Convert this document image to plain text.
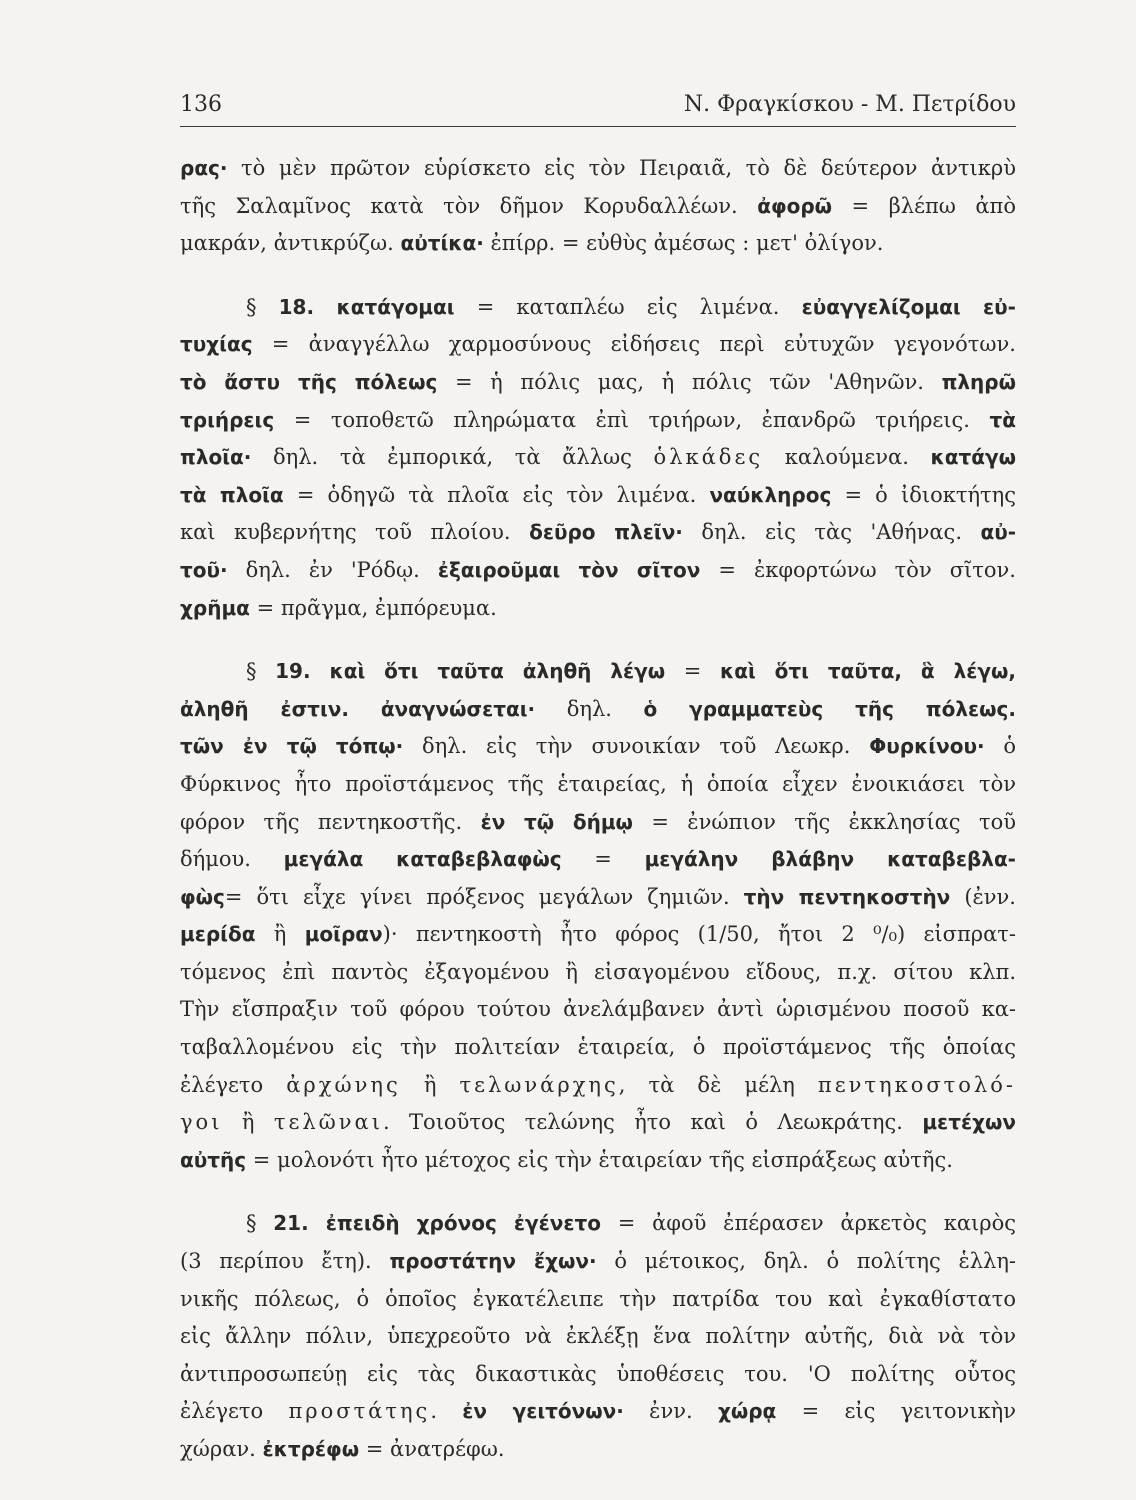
136	Ν. Φραγκίσκου - Μ. Πετρίδου
ρας· τὸ μὲν πρῶτον εὑρίσκετο εἰς τὸν Πειραιᾶ, τὸ δὲ δεύτερον ἀντικρὺ
τῆς Σαλαμῖνος κατὰ τὸν δῆμον Κορυδαλλέων. ἀφορῶ = βλέπω ἀπὸ
μακράν, ἀντικρύζω. αὐτίκα· ἐπίρρ. = εὐθὺς ἀμέσως : μετ' ὀλίγον.
§ 18. κατάγομαι = καταπλέω εἰς λιμένα. εὐαγγελίζομαι εὐ-
τυχίας = ἀναγγέλλω χαρμοσύνους εἰδήσεις περὶ εὐτυχῶν γεγονότων.
τὸ ἄστυ τῆς πόλεως = ἡ πόλις μας, ἡ πόλις τῶν 'Αθηνῶν. πληρῶ
τριήρεις = τοποθετῶ πληρώματα ἐπὶ τριήρων, ἐπανδρῶ τριήρεις. τὰ
πλοῖα· δηλ. τὰ ἐμπορικά, τὰ ἄλλως ὁλκάδες καλούμενα. κατάγω
τὰ πλοῖα = ὁδηγῶ τὰ πλοῖα εἰς τὸν λιμένα. ναύκληρος = ὁ ἰδιοκτήτης
καὶ κυβερνήτης τοῦ πλοίου. δεῦρο πλεῖν· δηλ. εἰς τὰς 'Αθήνας. αὐ-
τοῦ· δηλ. ἐν 'Ρόδῳ. ἐξαιροῦμαι τὸν σῖτον = ἐκφορτώνω τὸν σῖτον.
χρῆμα = πρᾶγμα, ἐμπόρευμα.
§ 19. καὶ ὅτι ταῦτα ἀληθῆ λέγω = καὶ ὅτι ταῦτα, ἃ λέγω,
ἀληθῆ ἐστιν. ἀναγνώσεται· δηλ. ὁ γραμματεὺς τῆς πόλεως.
τῶν ἐν τῷ τόπῳ· δηλ. εἰς τὴν συνοικίαν τοῦ Λεωκρ. Φυρκίνου· ὁ
Φύρκινος ἦτο προϊστάμενος τῆς ἑταιρείας, ἡ ὁποία εἶχεν ἐνοικιάσει τὸν
φόρον τῆς πεντηκοστῆς. ἐν τῷ δήμῳ = ἐνώπιον τῆς ἐκκλησίας τοῦ
δήμου. μεγάλα καταβεβλαφὼς = μεγάλην βλάβην καταβεβλα-
φὼς= ὅτι εἶχε γίνει πρόξενος μεγάλων ζημιῶν. τὴν πεντηκοστὴν (ἐνν.
μερίδα ἢ μοῖραν)· πεντηκοστὴ ἦτο φόρος (1/50, ἤτοι 2 ⁰/₀) εἰσπρατ-
τόμενος ἐπὶ παντὸς ἐξαγομένου ἢ εἰσαγομένου εἴδους, π.χ. σίτου κλπ.
Τὴν εἴσπραξιν τοῦ φόρου τούτου ἀνελάμβανεν ἀντὶ ὡρισμένου ποσοῦ κα-
ταβαλλομένου εἰς τὴν πολιτείαν ἑταιρεία, ὁ προϊστάμενος τῆς ὁποίας
ἐλέγετο ἀρχώνης ἢ τελωνάρχης, τὰ δὲ μέλη πεντηκοστολό-
γοι ἢ τελῶναι. Τοιοῦτος τελώνης ἦτο καὶ ὁ Λεωκράτης. μετέχων
αὐτῆς = μολονότι ἦτο μέτοχος εἰς τὴν ἑταιρείαν τῆς εἰσπράξεως αὐτῆς.
§ 21. ἐπειδὴ χρόνος ἐγένετο = ἀφοῦ ἐπέρασεν ἀρκετὸς καιρὸς
(3 περίπου ἔτη). προστάτην ἔχων· ὁ μέτοικος, δηλ. ὁ πολίτης ἑλλη-
νικῆς πόλεως, ὁ ὁποῖος ἐγκατέλειπε τὴν πατρίδα του καὶ ἐγκαθίστατο
εἰς ἄλλην πόλιν, ὑπεχρεοῦτο νὰ ἐκλέξῃ ἕνα πολίτην αὐτῆς, διὰ νὰ τὸν
ἀντιπροσωπεύῃ εἰς τὰς δικαστικὰς ὑποθέσεις του. 'Ο πολίτης οὗτος
ἐλέγετο προστάτης. ἐν γειτόνων· ἐνν. χώρᾳ = εἰς γειτονικὴν
χώραν. ἐκτρέφω = ἀνατρέφω.
